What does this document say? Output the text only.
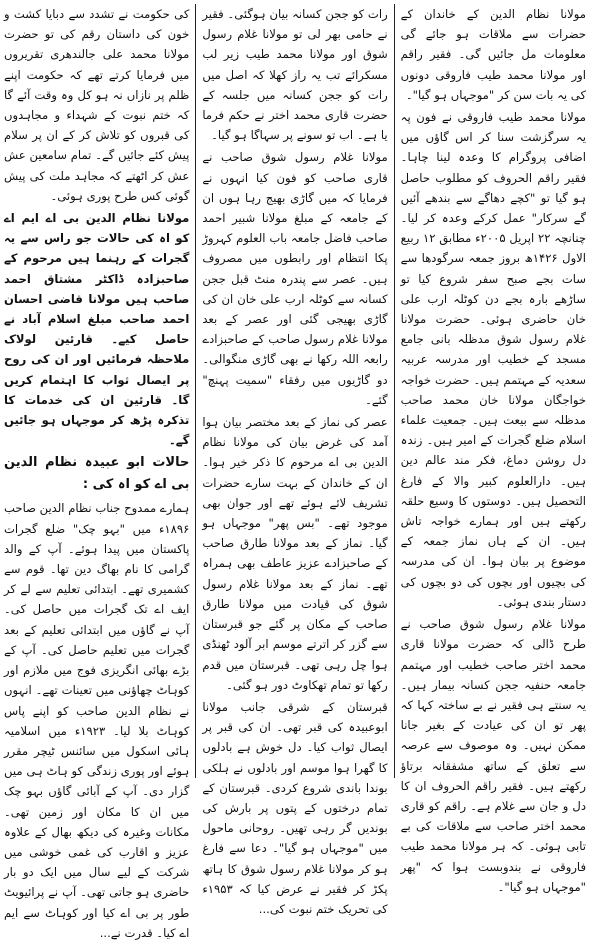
مولانا نظام الدین کے خاندان کے حضرات سے ملاقات ہو جائے گی معلومات مل جائیں گی۔ فقیر راقم اور مولانا محمد طیب فاروقی دونوں کی یہ بات سن کر "موجہاں ہو گیا"۔

مولانا محمد طیب فاروقی نے فون پہ یہ سرگزشت سنا کر اس گاؤں میں اضافی پروگرام کا وعدہ لینا چاہا۔ فقیر راقم الحروف کو مطلوب حاصل ہو گیا تو "کچے دھاگے سے بندھے آئیں گے سرکار" عمل کرکے وعدہ کر لیا۔ چنانچہ ۲۲ اپریل ۲۰۰۵ء مطابق ۱۲ ربیع الاول ۱۴۲۶ھ بروز جمعہ سرگودھا سے سات بجے صبح سفر شروع کیا تو ساڑھے بارہ بجے دن کوٹلہ ارب علی خان حاضری ہوئی۔ حضرت مولانا غلام رسول شوق مدظلہ بانی جامع مسجد کے خطیب اور مدرسہ عربیہ سعدیہ کے مہتمم ہیں۔ حضرت خواجہ خواجگان مولانا خان محمد صاحب مدظلہ سے بیعت ہیں۔ جمعیت علماء اسلام ضلع گجرات کے امیر ہیں۔ زندہ دل روشن دماغ، فکر مند عالم دین ہیں۔ دارالعلوم کبیر والا کے فارغ التحصیل ہیں۔ دوستوں کا وسیع حلقہ رکھتے ہیں اور ہمارے خواجہ تاش ہیں۔ ان کے ہاں نماز جمعہ کے موضوع پر بیان ہوا۔ ان کی مدرسہ کی بچیوں اور بچوں کی دو بچوں کی دستار بندی ہوئی۔

مولانا غلام رسول شوق صاحب نے طرح ڈالی کہ حضرت مولانا قاری محمد اختر صاحب خطیب اور مہتمم جامعہ حنفیہ ججن کسانہ بیمار ہیں۔ یہ سنتے ہی فقیر نے بے ساختہ کہا کہ پھر تو ان کی عیادت کے بغیر جانا ممکن نہیں۔ وہ موصوف سے عرصہ سے تعلق کے ساتھ مشفقانہ برتاؤ رکھتے ہیں۔ فقیر راقم الحروف ان کا دل و جان سے غلام ہے۔ راقم کو قاری محمد اختر صاحب سے ملاقات کی بے تابی ہوئی۔ کہ ہر مولانا محمد طیب فاروقی نے بندوبست ہوا کہ "پھر "موجہاں ہو گیا"۔

رات کو ججن کسانہ بیان ہوگئی۔ فقیر نے حامی بھر لی تو مولانا غلام رسول شوق اور مولانا محمد طیب زیر لب مسکرائے تب یہ راز کھلا کہ اصل میں رات کو ججن کسانہ میں جلسہ کے حضرت قاری محمد اختر نے حکم فرما یا ہے۔ اب تو سونے پر سہاگا ہو گیا۔

مولانا غلام رسول شوق صاحب نے قاری صاحب کو فون کیا انہوں نے فرمایا کہ میں گاڑی بھیج رہا ہوں ان کے جامعہ کے مبلغ مولانا شبیر احمد صاحب فاضل جامعہ باب العلوم کہروڑ پکا انتظام اور رابطوں میں مصروف ہیں۔ عصر سے پندرہ منٹ قبل ججن کسانہ سے کوٹلہ ارب علی خان ان کی گاڑی بھیجی گئی اور عصر کے بعد مولانا غلام رسول صاحب کے صاحبزادے رابعہ اللہ رکھا نے بھی گاڑی منگوالی۔ دو گاڑیوں میں رفقاء "سمیت پہنچ" گئے۔

عصر کی نماز کے بعد مختصر بیان ہوا آمد کی غرض بیان کی مولانا نظام الدین بی اے مرحوم کا ذکر خیر ہوا۔ ان کے خاندان کے بہت سارے حضرات تشریف لائے ہوئے تھے اور جوان بھی موجود تھے۔ "بس پھر" موجہاں ہو گیا۔ نماز کے بعد مولانا طارق صاحب کے صاحبزادے عزیز عاطف بھی ہمراہ تھے۔ نماز کے بعد مولانا غلام رسول شوق کی قیادت میں مولانا طارق صاحب کے مکان پر گئے جو قبرستان سے گزر کر اترتے موسم ابر آلود ٹھنڈی ہوا چل رہی تھی۔ قبرستان میں قدم رکھا تو تمام تھکاوٹ دور ہو گئی۔

قبرستان کے شرقی جانب مولانا ابوعبیدہ کی قبر تھی۔ ان کی قبر پر ایصال ثواب کیا۔ دل خوش ہے بادلوں کا گھرا ہوا موسم اور بادلوں نے ہلکی بوندا باندی شروع کردی۔ قبرستان کے تمام درختوں کے پتوں پر بارش کی بوندیں گر رہی تھیں۔ روحانی ماحول میں "موجہاں ہو گیا"۔ دعا سے فارغ ہو کر مولانا غلام رسول شوق کا ہاتھ پکڑ کر فقیر نے عرض کیا کہ ۱۹۵۳ء کی تحریک ختم نبوت کی...

کی حکومت نے تشدد سے دبایا کشت و خون کی داستان رقم کی تو حضرت مولانا محمد علی جالندھری تقریروں میں فرمایا کرتے تھے کہ حکومت اپنے ظلم پر نازاں نہ ہو کل وہ وقت آئے گا کہ ختم نبوت کے شہداء و مجاہدوں کی قبروں کو تلاش کر کے ان پر سلام پیش کئے جائیں گے۔ تمام سامعین عش عش کر اٹھتے کہ مجاہد ملت کی پیش گوئی کس طرح پوری ہوئی۔

مولانا نظام الدین بی اے ایم اے کو اہ کی حالات جو راس سے یہ گجرات کے رہنما ہیں مرحوم کے صاحبزادہ ڈاکٹر مشتاق احمد صاحب ہیں مولانا قاضی احسان احمد صاحب مبلغ اسلام آباد نے حاصل کیے۔ قارئین لولاک ملاحظہ فرمائیں اور ان کی روح پر ایصال ثواب کا اہتمام کریں گا۔ قارئین ان کی خدمات کا تذکرہ پڑھ کر موجہاں ہو جائیں گے۔

حالات ابو عبیدہ نظام الدین بی اے کو اہ کی :

ہمارے ممدوح جناب نظام الدین صاحب ۱۸۹۶ء میں "بہو چک" ضلع گجرات پاکستان میں پیدا ہوئے۔ آپ کے والد گرامی کا نام بھاگ دین تھا۔ قوم سے کشمیری تھے۔ ابتدائی تعلیم سے لے کر ایف اے تک گجرات میں حاصل کی۔ آپ نے گاؤں میں ابتدائی تعلیم کے بعد گجرات میں تعلیم حاصل کی۔ آپ کے بڑے بھائی انگریزی فوج میں ملازم اور کوہاٹ چھاؤنی میں تعینات تھے۔ انہوں نے نظام الدین صاحب کو اپنے پاس کوہاٹ بلا لیا۔ ۱۹۲۳ء میں اسلامیہ ہائی اسکول میں سائنس ٹیچر مقرر ہوئے اور پوری زندگی کو ہاٹ ہی میں گزار دی۔ آپ کے آبائی گاؤں بہو چک میں ان کا مکان اور زمین تھی۔ مکانات وغیرہ کی دیکھ بھال کے علاوہ عزیز و اقارب کی غمی خوشی میں شرکت کے لیے سال میں ایک دو بار حاضری ہو جاتی تھی۔ آپ نے پرائیویٹ طور پر بی اے کیا اور کوہاٹ سے ایم اے کیا۔ قدرت نے...
